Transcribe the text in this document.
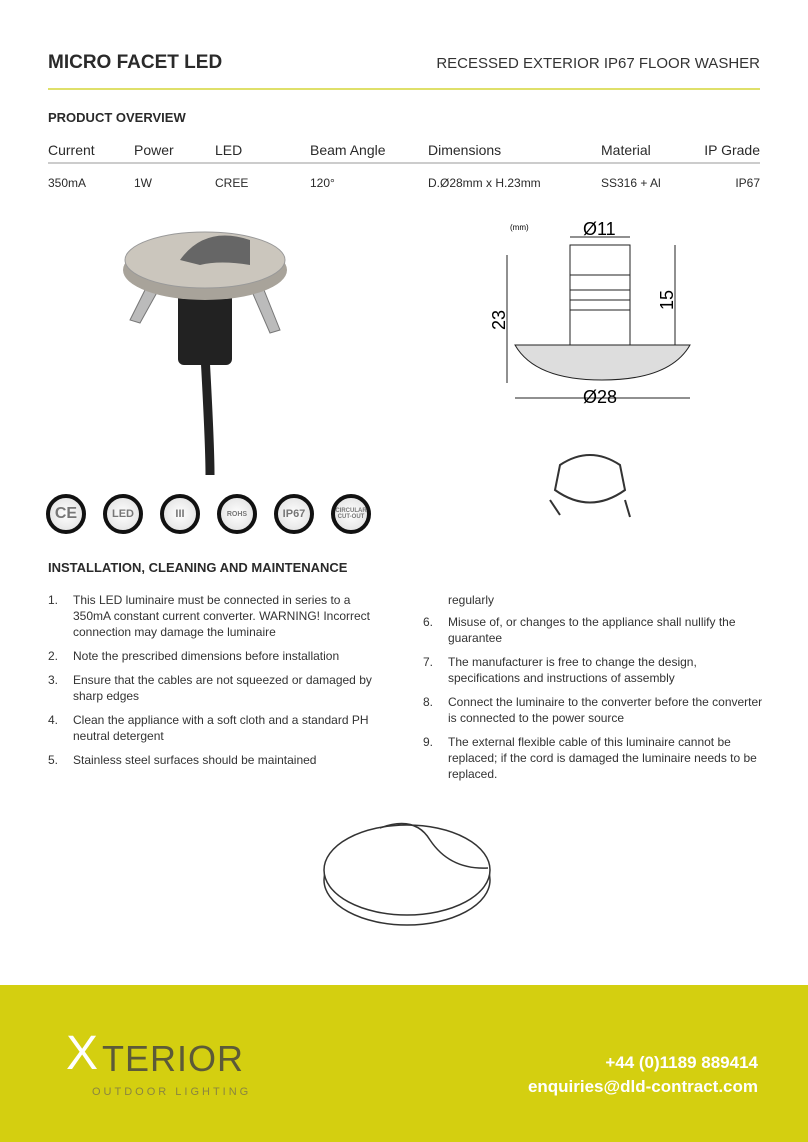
MICRO FACET LED	RECESSED EXTERIOR IP67 FLOOR WASHER
PRODUCT OVERVIEW
Current	Power	LED	Beam Angle	Dimensions	Material	IP Grade
350mA	1W	CREE	120°	D.Ø28mm x H.23mm	SS316 + Al	IP67
(mm)	Ø11
23
15
Ø28
CE	LED	III	ROHS	IP67	CIRCULAR CUT-OUT
INSTALLATION, CLEANING AND MAINTENANCE
1. This LED luminaire must be connected in series to a 350mA constant current converter. WARNING! Incorrect connection may damage the luminaire
2. Note the prescribed dimensions before installation
3. Ensure that the cables are not squeezed or damaged by sharp edges
4. Clean the appliance with a soft cloth and a standard PH neutral detergent
5. Stainless steel surfaces should be maintained
regularly
6. Misuse of, or changes to the appliance shall nullify the guarantee
7. The manufacturer is free to change the design, specifications and instructions of assembly
8. Connect the luminaire to the converter before the converter is connected to the power source
9. The external flexible cable of this luminaire cannot be replaced; if the cord is damaged the luminaire needs to be replaced.
X TERIOR
OUTDOOR LIGHTING
+44 (0)1189 889414
enquiries@dld-contract.com
